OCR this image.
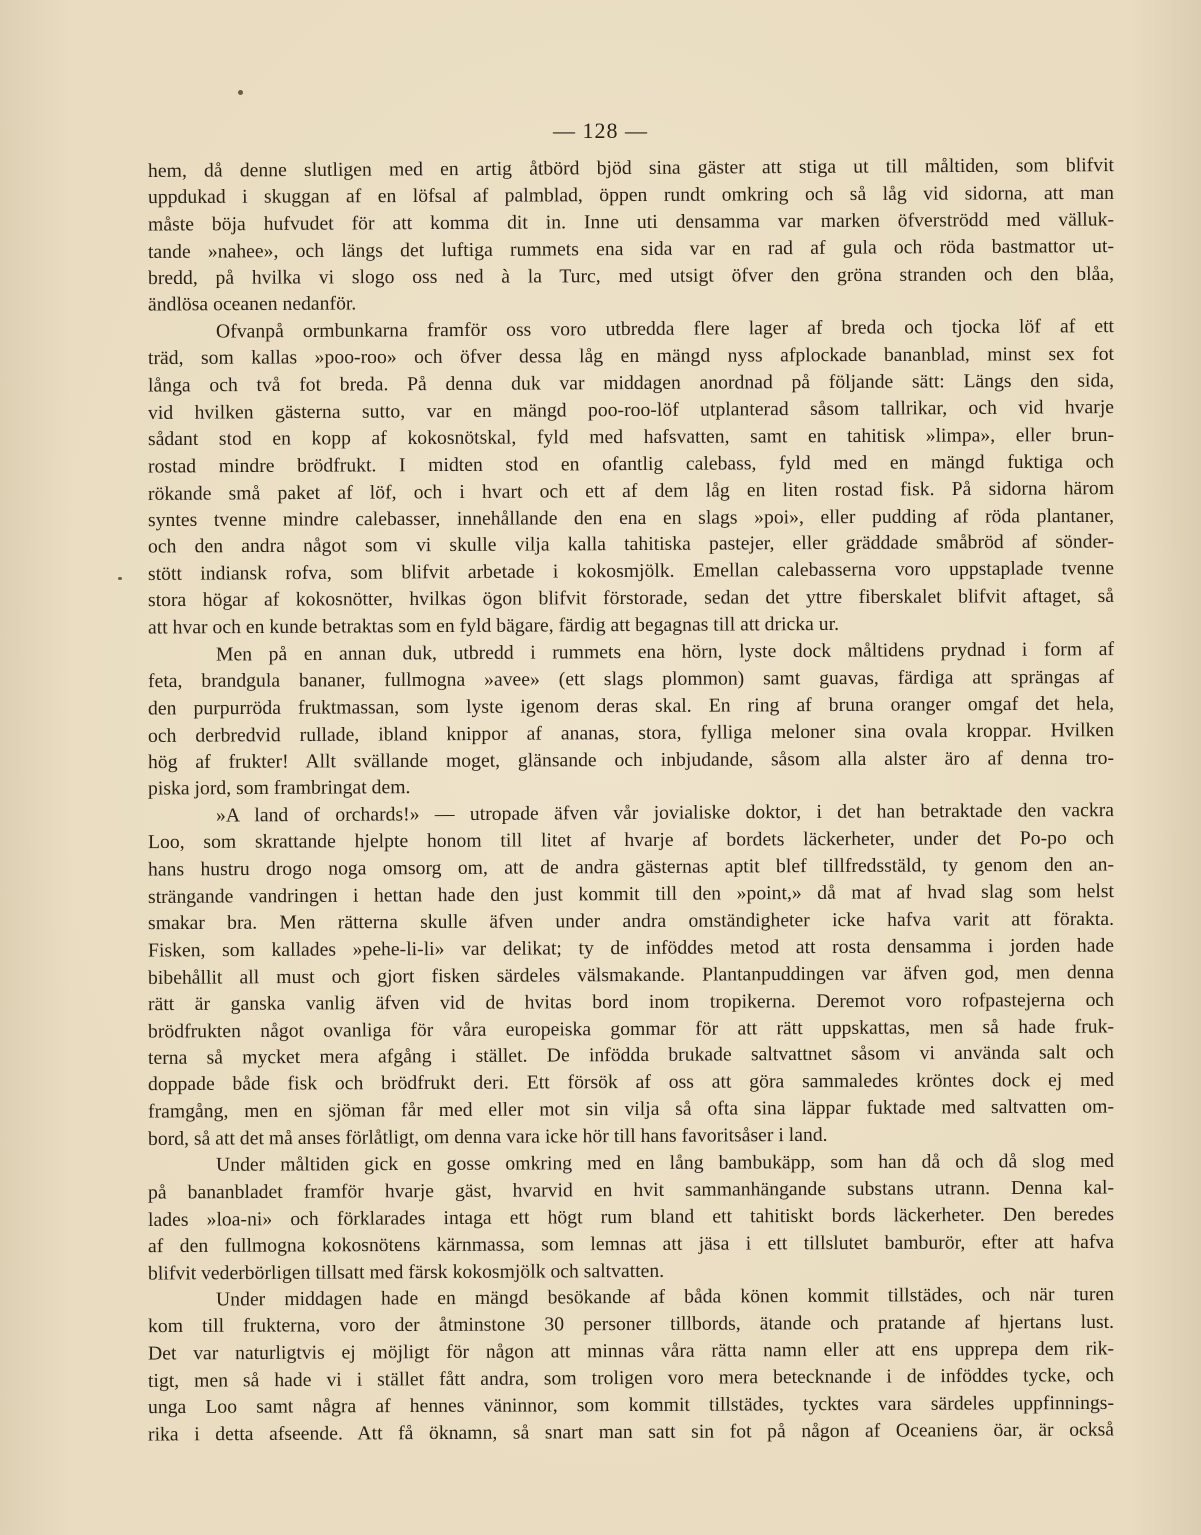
— 128 —
hem, då denne slutligen med en artig åtbörd bjöd sina gäster att stiga ut till måltiden, som blifvit
uppdukad i skuggan af en löfsal af palmblad, öppen rundt omkring och så låg vid sidorna, att man
måste böja hufvudet för att komma dit in. Inne uti densamma var marken öfverströdd med välluk-
tande »nahee», och längs det luftiga rummets ena sida var en rad af gula och röda bastmattor ut-
bredd, på hvilka vi slogo oss ned à la Turc, med utsigt öfver den gröna stranden och den blåa,
ändlösa oceanen nedanför.
Ofvanpå ormbunkarna framför oss voro utbredda flere lager af breda och tjocka löf af ett
träd, som kallas »poo-roo» och öfver dessa låg en mängd nyss afplockade bananblad, minst sex fot
långa och två fot breda. På denna duk var middagen anordnad på följande sätt: Längs den sida,
vid hvilken gästerna sutto, var en mängd poo-roo-löf utplanterad såsom tallrikar, och vid hvarje
sådant stod en kopp af kokosnötskal, fyld med hafsvatten, samt en tahitisk »limpa», eller brun-
rostad mindre brödfrukt. I midten stod en ofantlig calebass, fyld med en mängd fuktiga och
rökande små paket af löf, och i hvart och ett af dem låg en liten rostad fisk. På sidorna härom
syntes tvenne mindre calebasser, innehållande den ena en slags »poi», eller pudding af röda plantaner,
och den andra något som vi skulle vilja kalla tahitiska pastejer, eller gräddade småbröd af sönder-
stött indiansk rofva, som blifvit arbetade i kokosmjölk. Emellan calebasserna voro uppstaplade tvenne
stora högar af kokosnötter, hvilkas ögon blifvit förstorade, sedan det yttre fiberskalet blifvit aftaget, så
att hvar och en kunde betraktas som en fyld bägare, färdig att begagnas till att dricka ur.
Men på en annan duk, utbredd i rummets ena hörn, lyste dock måltidens prydnad i form af
feta, brandgula bananer, fullmogna »avee» (ett slags plommon) samt guavas, färdiga att sprängas af
den purpurröda fruktmassan, som lyste igenom deras skal. En ring af bruna oranger omgaf det hela,
och derbredvid rullade, ibland knippor af ananas, stora, fylliga meloner sina ovala kroppar. Hvilken
hög af frukter! Allt svällande moget, glänsande och inbjudande, såsom alla alster äro af denna tro-
piska jord, som frambringat dem.
»A land of orchards!» — utropade äfven vår jovialiske doktor, i det han betraktade den vackra
Loo, som skrattande hjelpte honom till litet af hvarje af bordets läckerheter, under det Po-po och
hans hustru drogo noga omsorg om, att de andra gästernas aptit blef tillfredsstäld, ty genom den an-
strängande vandringen i hettan hade den just kommit till den »point,» då mat af hvad slag som helst
smakar bra. Men rätterna skulle äfven under andra omständigheter icke hafva varit att förakta.
Fisken, som kallades »pehe-li-li» var delikat; ty de inföddes metod att rosta densamma i jorden hade
bibehållit all must och gjort fisken särdeles välsmakande. Plantanpuddingen var äfven god, men denna
rätt är ganska vanlig äfven vid de hvitas bord inom tropikerna. Deremot voro rofpastejerna och
brödfrukten något ovanliga för våra europeiska gommar för att rätt uppskattas, men så hade fruk-
terna så mycket mera afgång i stället. De infödda brukade saltvattnet såsom vi använda salt och
doppade både fisk och brödfrukt deri. Ett försök af oss att göra sammaledes kröntes dock ej med
framgång, men en sjöman får med eller mot sin vilja så ofta sina läppar fuktade med saltvatten om-
bord, så att det må anses förlåtligt, om denna vara icke hör till hans favoritsåser i land.
Under måltiden gick en gosse omkring med en lång bambukäpp, som han då och då slog med
på bananbladet framför hvarje gäst, hvarvid en hvit sammanhängande substans utrann. Denna kal-
lades »loa-ni» och förklarades intaga ett högt rum bland ett tahitiskt bords läckerheter. Den beredes
af den fullmogna kokosnötens kärnmassa, som lemnas att jäsa i ett tillslutet bamburör, efter att hafva
blifvit vederbörligen tillsatt med färsk kokosmjölk och saltvatten.
Under middagen hade en mängd besökande af båda könen kommit tillstädes, och när turen
kom till frukterna, voro der åtminstone 30 personer tillbords, ätande och pratande af hjertans lust.
Det var naturligtvis ej möjligt för någon att minnas våra rätta namn eller att ens upprepa dem rik-
tigt, men så hade vi i stället fått andra, som troligen voro mera betecknande i de inföddes tycke, och
unga Loo samt några af hennes väninnor, som kommit tillstädes, tycktes vara särdeles uppfinnings-
rika i detta afseende. Att få öknamn, så snart man satt sin fot på någon af Oceaniens öar, är också
